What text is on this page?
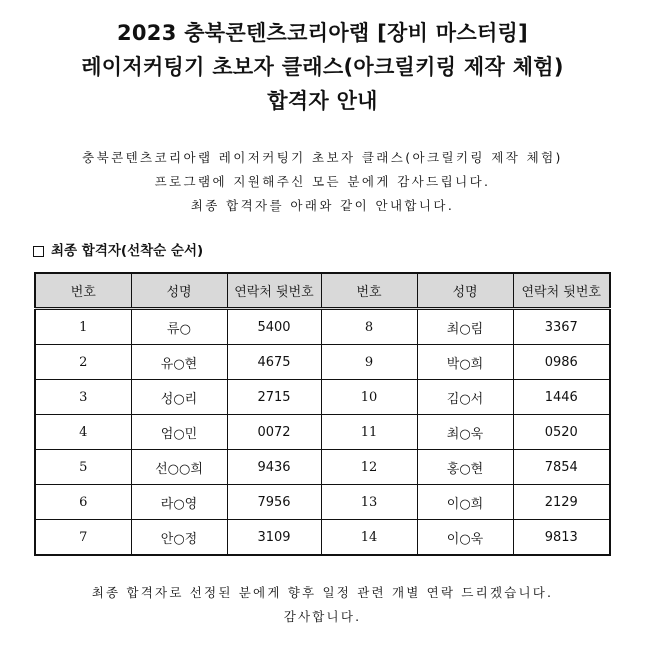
2023 충북콘텐츠코리아랩 [장비 마스터링]
레이저커팅기 초보자 클래스(아크릴키링 제작 체험)
합격자 안내
충북콘텐츠코리아랩 레이저커팅기 초보자 클래스(아크릴키링 제작 체험)
프로그램에 지원해주신 모든 분에게 감사드립니다.
최종 합격자를 아래와 같이 안내합니다.
최종 합격자(선착순 순서)
번호	성명	연락처 뒷번호	번호	성명	연락처 뒷번호
1	류○	5400	8	최○림	3367
2	유○현	4675	9	박○희	0986
3	성○리	2715	10	김○서	1446
4	엄○민	0072	11	최○욱	0520
5	선○○희	9436	12	홍○현	7854
6	라○영	7956	13	이○희	2129
7	안○정	3109	14	이○욱	9813
최종 합격자로 선정된 분에게 향후 일정 관련 개별 연락 드리겠습니다.
감사합니다.
